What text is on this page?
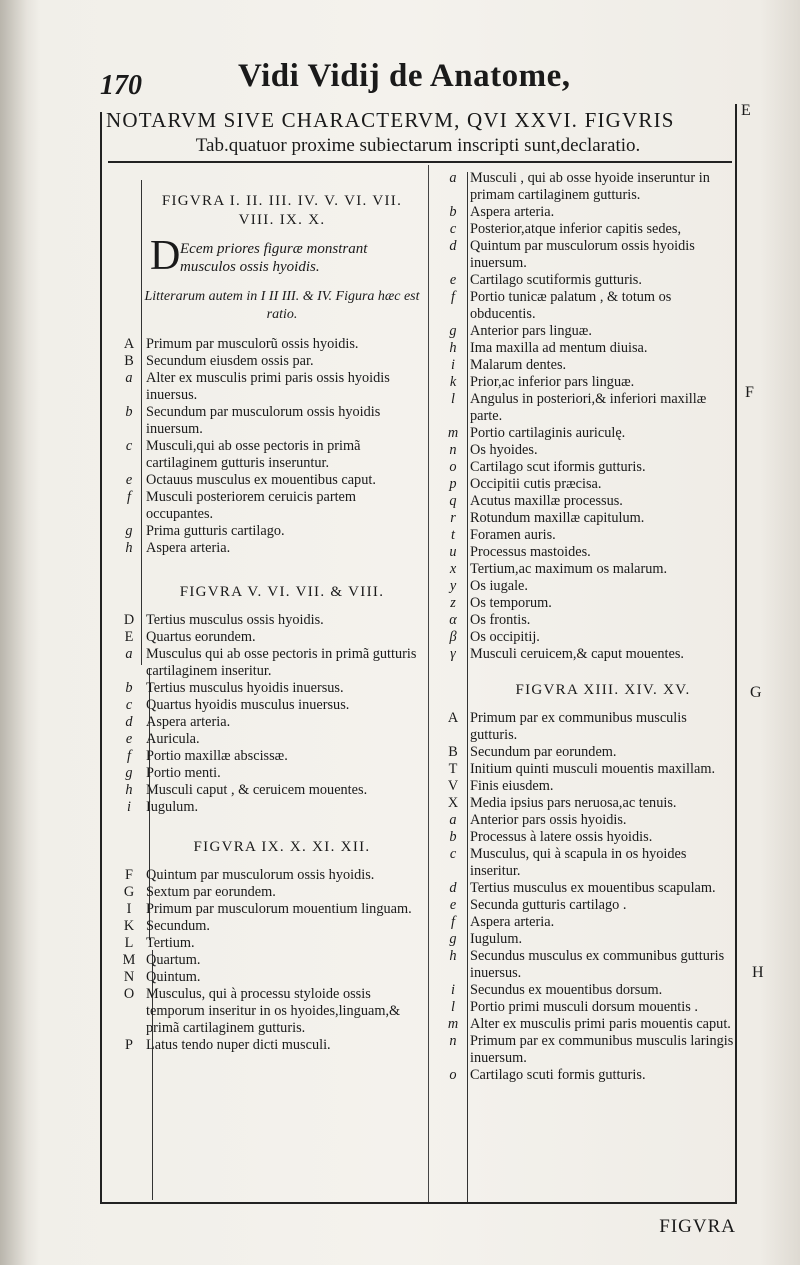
170	Vidi Vidij de Anatome,
NOTARVM SIVE CHARACTERVM, QVI XXVI. FIGVRIS
Tab.quatuor proxime subiectarum inscripti sunt,declaratio.
E
F
G
H
FIGVRA I. II. III. IV. V. VI. VII. VIII. IX. X.
D Ecem priores figuræ monstrant musculos ossis hyoidis.
Litterarum autem in I II III. & IV. Figura hæc est ratio.
A Primum par musculorũ ossis hyoidis.
B Secundum eiusdem ossis par.
a Alter ex musculis primi paris ossis hyoidis inuersus.
b Secundum par musculorum ossis hyoidis inuersum.
c Musculi,qui ab osse pectoris in primã cartilaginem gutturis inseruntur.
e Octauus musculus ex mouentibus caput.
f	Musculi posteriorem ceruicis partem occupantes.
g Prima gutturis cartilago.
h Aspera arteria.
FIGVRA V. VI. VII. & VIII.
D Tertius musculus ossis hyoidis.
E Quartus eorundem.
a Musculus qui ab osse pectoris in primã gutturis cartilaginem inseritur.
b Tertius musculus hyoidis inuersus.
c Quartus hyoidis musculus inuersus.
d Aspera arteria.
e Auricula.
f	Portio maxillæ abscissæ.
g Portio menti.
h Musculi caput , & ceruicem mouentes.
i	Iugulum.
FIGVRA IX. X. XI. XII.
F Quintum par musculorum ossis hyoidis.
G Sextum par eorundem.
I	Primum par musculorum mouentium linguam.
K Secundum.
L Tertium.
M Quartum.
N Quintum.
O Musculus, qui à processu styloide ossis temporum inseritur in os hyoides,linguam,& primã cartilaginem gutturis.
P Latus tendo nuper dicti musculi.
a Musculi , qui ab osse hyoide inseruntur in primam cartilaginem gutturis.
b Aspera arteria.
c Posterior,atque inferior capitis sedes,
d Quintum par musculorum ossis hyoidis inuersum.
e Cartilago scutiformis gutturis.
f	Portio tunicæ palatum , & totum os obducentis.
g Anterior pars linguæ.
h Ima maxilla ad mentum diuisa.
i	Malarum dentes.
k Prior,ac inferior pars linguæ.
l	Angulus in posteriori,& inferiori maxillæ parte.
m Portio cartilaginis auriculę.
n Os hyoides.
o Cartilago scut iformis gutturis.
p Occipitii cutis præcisa.
q Acutus maxillæ processus.
r Rotundum maxillæ capitulum.
t	Foramen auris.
u Processus mastoides.
x Tertium,ac maximum os malarum.
y Os iugale.
z Os temporum.
α Os frontis.
β Os occipitij.
γ Musculi ceruicem,& caput mouentes.
FIGVRA XIII. XIV. XV.
A Primum par ex communibus musculis gutturis.
B Secundum par eorundem.
T Initium quinti musculi mouentis maxillam.
V Finis eiusdem.
X Media ipsius pars neruosa,ac tenuis.
a Anterior pars ossis hyoidis.
b Processus à latere ossis hyoidis.
c Musculus, qui à scapula in os hyoides inseritur.
d Tertius musculus ex mouentibus scapulam.
e Secunda gutturis cartilago .
f	Aspera arteria.
g Iugulum.
h Secundus musculus ex communibus gutturis inuersus.
i	Secundus ex mouentibus dorsum.
l	Portio primi musculi dorsum mouentis .
m Alter ex musculis primi paris mouentis caput.
n Primum par ex communibus musculis laringis inuersum.
o Cartilago scuti formis gutturis.
FIGVRA
